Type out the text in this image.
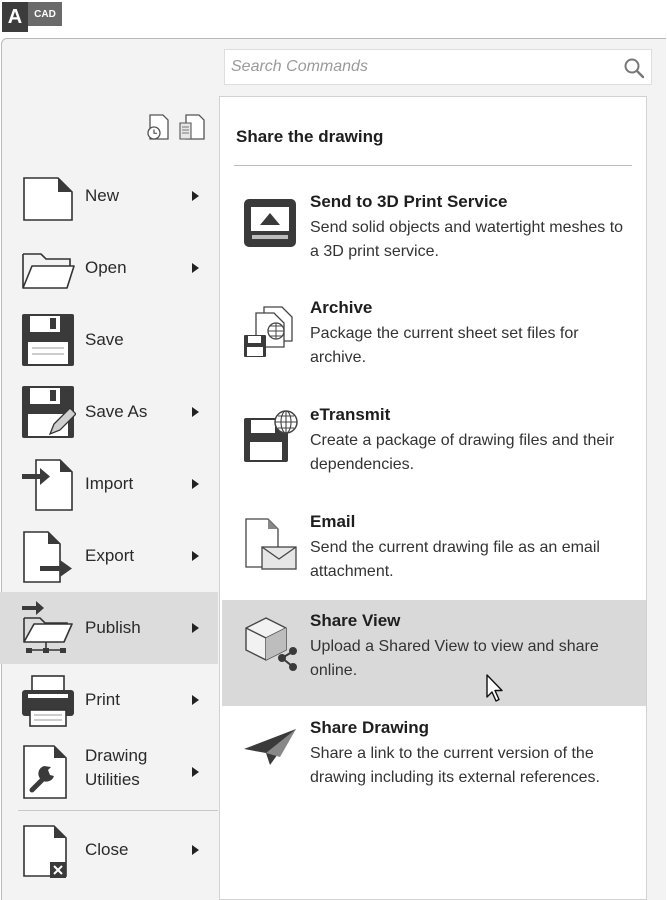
A	CAD
Search Commands
New
Open
Save
Save As
Import
Export
Publish
Print
Drawing
Utilities
Close
Share the drawing
Send to 3D Print Service
Send solid objects and watertight meshes to a 3D print service.
Archive
Package the current sheet set files for archive.
eTransmit
Create a package of drawing files and their dependencies.
Email
Send the current drawing file as an email attachment.
Share View
Upload a Shared View to view and share online.
Share Drawing
Share a link to the current version of the drawing including its external references.
